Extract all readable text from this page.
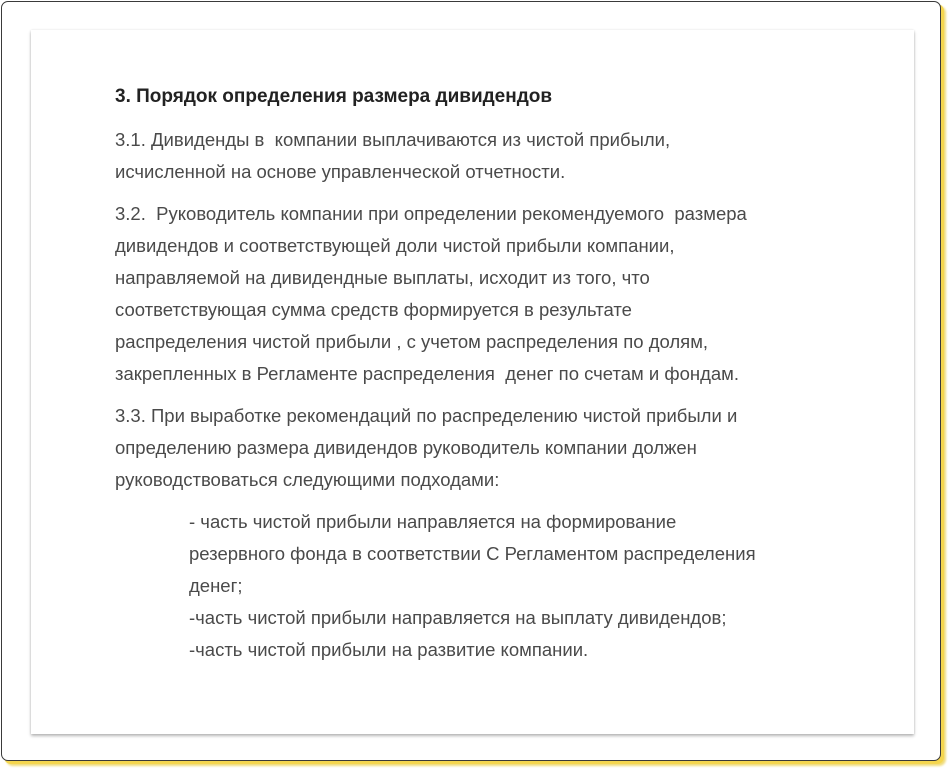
3. Порядок определения размера дивидендов

3.1. Дивиденды в  компании выплачиваются из чистой прибыли,
исчисленной на основе управленческой отчетности.

3.2.  Руководитель компании при определении рекомендуемого  размера
дивидендов и соответствующей доли чистой прибыли компании,
направляемой на дивидендные выплаты, исходит из того, что
соответствующая сумма средств формируется в результате
распределения чистой прибыли , с учетом распределения по долям,
закрепленных в Регламенте распределения  денег по счетам и фондам.

3.3. При выработке рекомендаций по распределению чистой прибыли и
определению размера дивидендов руководитель компании должен
руководствоваться следующими подходами:

- часть чистой прибыли направляется на формирование
резервного фонда в соответствии С Регламентом распределения
денег;
-часть чистой прибыли направляется на выплату дивидендов;
-часть чистой прибыли на развитие компании.
